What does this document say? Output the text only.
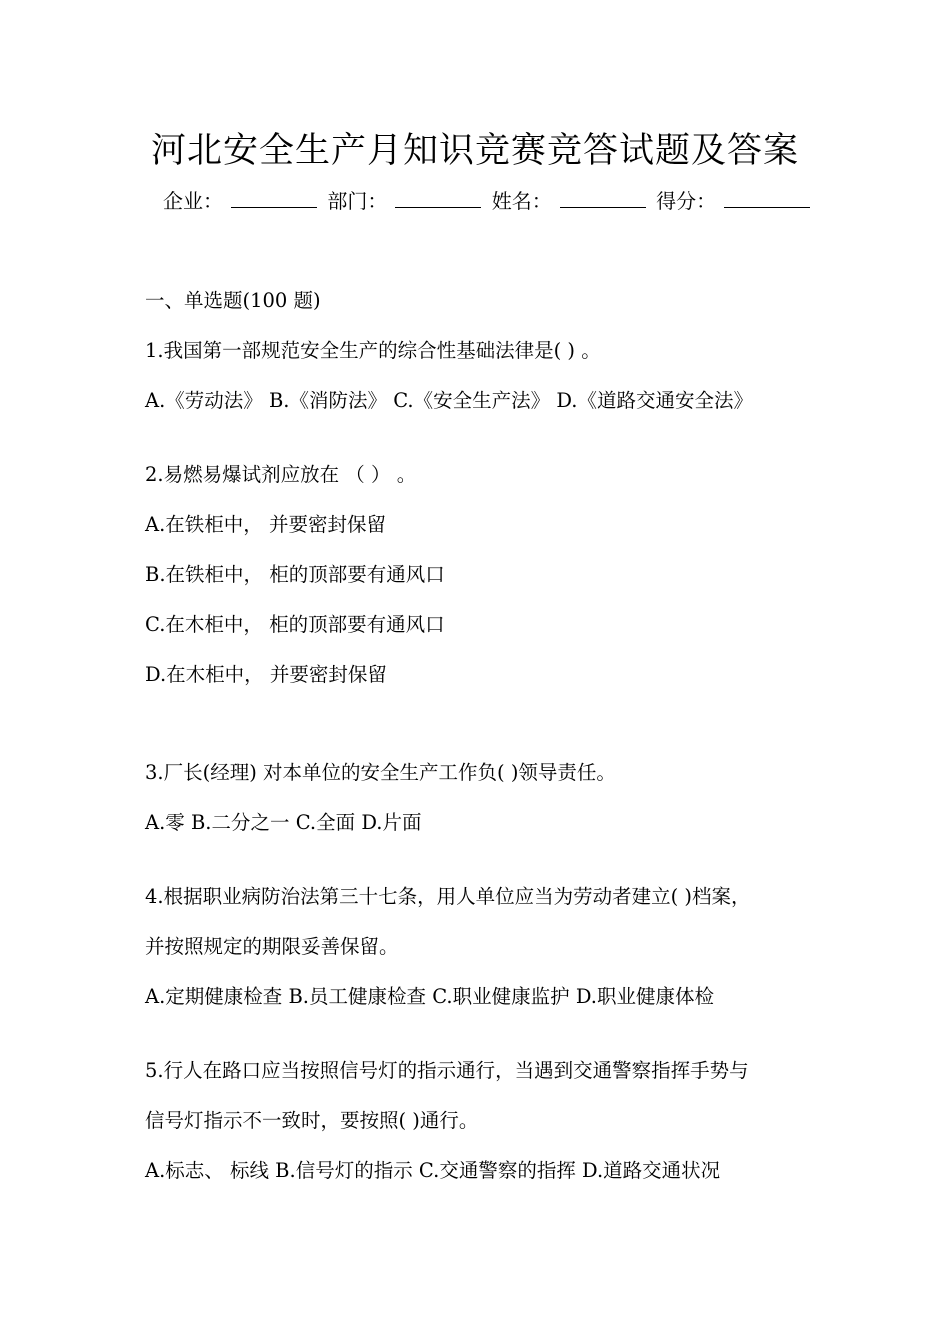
河北安全生产月知识竞赛竞答试题及答案
企业：	部门：	姓名：	得分：
一、单选题(100 题)
1.我国第一部规范安全生产的综合性基础法律是( ) 。
A.《劳动法》 B.《消防法》 C.《安全生产法》 D.《道路交通安全法》
2.易燃易爆试剂应放在 （ ） 。
A.在铁柜中， 并要密封保留
B.在铁柜中， 柜的顶部要有通风口
C.在木柜中， 柜的顶部要有通风口
D.在木柜中， 并要密封保留
3.厂长(经理) 对本单位的安全生产工作负( )领导责任。
A.零 B.二分之一 C.全面 D.片面
4.根据职业病防治法第三十七条，用人单位应当为劳动者建立( )档案，
并按照规定的期限妥善保留。
A.定期健康检查 B.员工健康检查 C.职业健康监护 D.职业健康体检
5.行人在路口应当按照信号灯的指示通行，当遇到交通警察指挥手势与
信号灯指示不一致时，要按照( )通行。
A.标志、 标线 B.信号灯的指示 C.交通警察的指挥 D.道路交通状况
